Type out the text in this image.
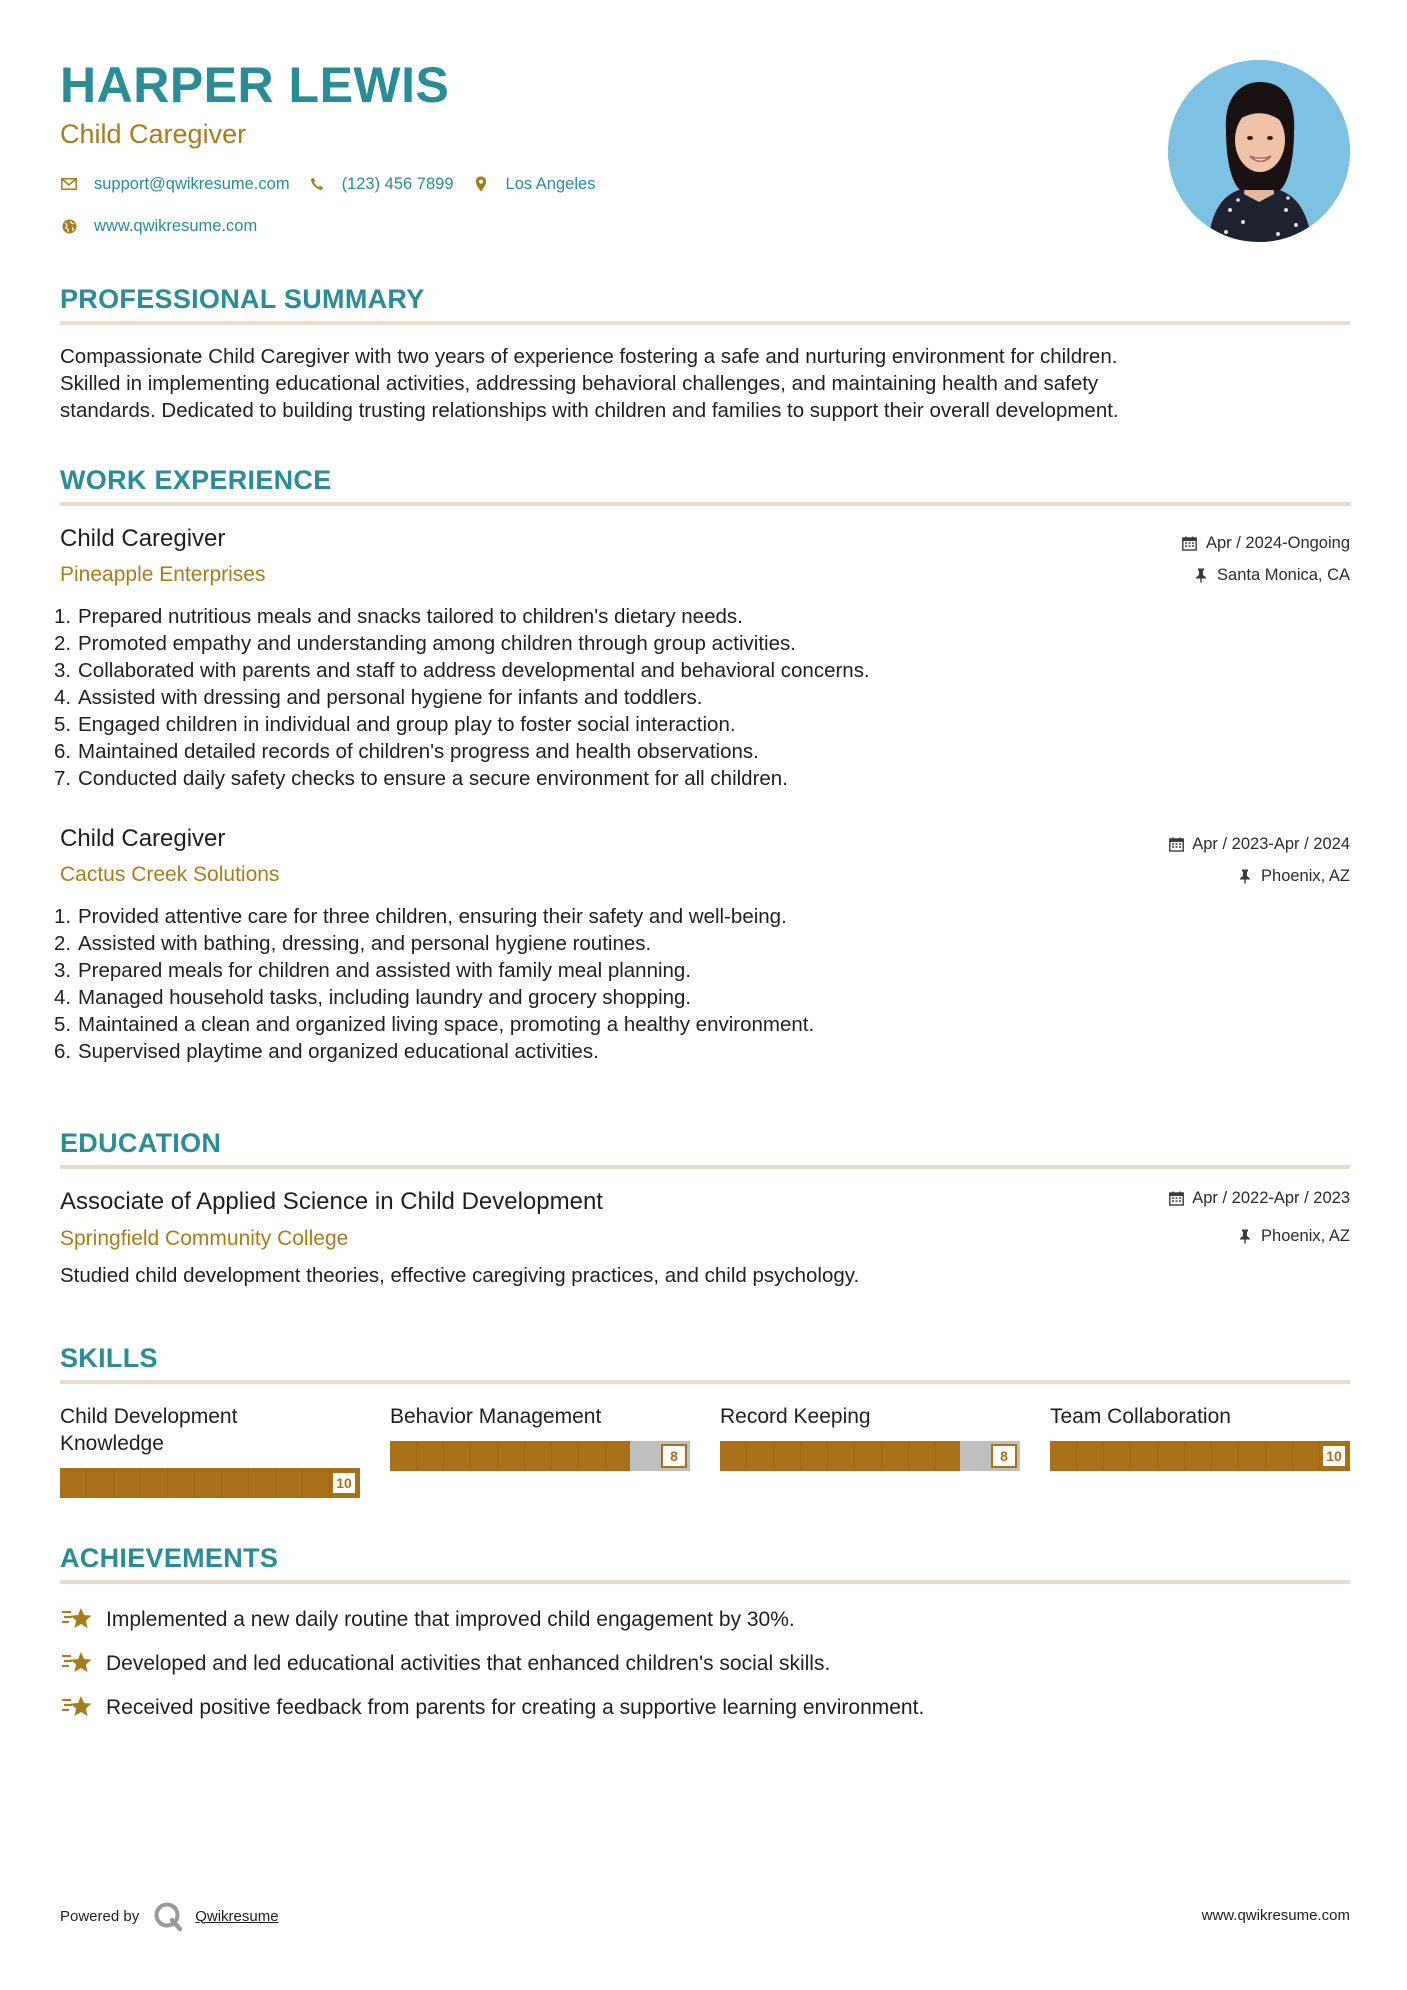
HARPER LEWIS
Child Caregiver
support@qwikresume.com	(123) 456 7899	Los Angeles
www.qwikresume.com
PROFESSIONAL SUMMARY
Compassionate Child Caregiver with two years of experience fostering a safe and nurturing environment for children.
Skilled in implementing educational activities, addressing behavioral challenges, and maintaining health and safety
standards. Dedicated to building trusting relationships with children and families to support their overall development.
WORK EXPERIENCE
Child Caregiver
Pineapple Enterprises
Apr / 2024-Ongoing
Santa Monica, CA
1. Prepared nutritious meals and snacks tailored to children's dietary needs.
2. Promoted empathy and understanding among children through group activities.
3. Collaborated with parents and staff to address developmental and behavioral concerns.
4. Assisted with dressing and personal hygiene for infants and toddlers.
5. Engaged children in individual and group play to foster social interaction.
6. Maintained detailed records of children's progress and health observations.
7. Conducted daily safety checks to ensure a secure environment for all children.
Child Caregiver
Cactus Creek Solutions
Apr / 2023-Apr / 2024
Phoenix, AZ
1. Provided attentive care for three children, ensuring their safety and well-being.
2. Assisted with bathing, dressing, and personal hygiene routines.
3. Prepared meals for children and assisted with family meal planning.
4. Managed household tasks, including laundry and grocery shopping.
5. Maintained a clean and organized living space, promoting a healthy environment.
6. Supervised playtime and organized educational activities.
EDUCATION
Associate of Applied Science in Child Development
Springfield Community College
Apr / 2022-Apr / 2023
Phoenix, AZ
Studied child development theories, effective caregiving practices, and child psychology.
SKILLS
Child Development
Knowledge
10
Behavior Management
8
Record Keeping
8
Team Collaboration
10
ACHIEVEMENTS
Implemented a new daily routine that improved child engagement by 30%.
Developed and led educational activities that enhanced children's social skills.
Received positive feedback from parents for creating a supportive learning environment.
Powered by	Qwikresume	www.qwikresume.com
